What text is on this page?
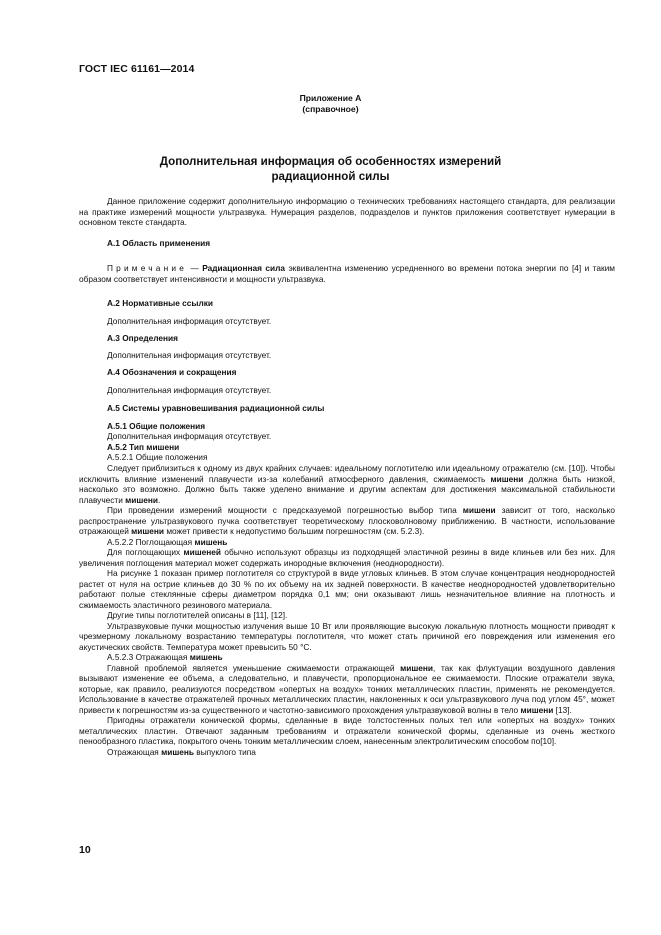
ГОСТ IEC 61161—2014
Приложение А
(справочное)
Дополнительная информация об особенностях измерений
радиационной силы

Данное приложение содержит дополнительную информацию о технических требованиях настоящего стандарта, для реализации на практике измерений мощности ультразвука. Нумерация разделов, подразделов и пунктов приложения соответствует нумерации в основном тексте стандарта.

А.1 Область применения

Примечание — Радиационная сила эквивалентна изменению усредненного во времени потока энергии по [4] и таким образом соответствует интенсивности и мощности ультразвука.

А.2 Нормативные ссылки
Дополнительная информация отсутствует.
А.3 Определения
Дополнительная информация отсутствует.
А.4 Обозначения и сокращения
Дополнительная информация отсутствует.
А.5 Системы уравновешивания радиационной силы
А.5.1 Общие положения
Дополнительная информация отсутствует.
А.5.2 Тип мишени
А.5.2.1 Общие положения

Следует приблизиться к одному из двух крайних случаев: идеальному поглотителю или идеальному отражателю (см. [10]). Чтобы исключить влияние изменений плавучести из-за колебаний атмосферного давления, сжимаемость мишени должна быть низкой, насколько это возможно. Должно быть также уделено внимание и другим аспектам для достижения максимальной стабильности плавучести мишени.

При проведении измерений мощности с предсказуемой погрешностью выбор типа мишени зависит от того, насколько распространение ультразвукового пучка соответствует теоретическому плосковолновому приближению. В частности, использование отражающей мишени может привести к недопустимо большим погрешностям (см. 5.2.3).

А.5.2.2 Поглощающая мишень

Для поглощающих мишеней обычно используют образцы из подходящей эластичной резины в виде клиньев или без них. Для увеличения поглощения материал может содержать инородные включения (неоднородности).

На рисунке 1 показан пример поглотителя со структурой в виде угловых клиньев. В этом случае концентрация неоднородностей растет от нуля на острие клиньев до 30 % по их объему на их задней поверхности. В качестве неоднородностей удовлетворительно работают полые стеклянные сферы диаметром порядка 0,1 мм; они оказывают лишь незначительное влияние на плотность и сжимаемость эластичного резинового материала.

Другие типы поглотителей описаны в [11], [12].

Ультразвуковые пучки мощностью излучения выше 10 Вт или проявляющие высокую локальную плотность мощности приводят к чрезмерному локальному возрастанию температуры поглотителя, что может стать причиной его повреждения или изменения его акустических свойств. Температура может превысить 50 °С.

А.5.2.3 Отражающая мишень

Главной проблемой является уменьшение сжимаемости отражающей мишени, так как флуктуации воздушного давления вызывают изменение ее объема, а следовательно, и плавучести, пропорциональное ее сжимаемости. Плоские отражатели звука, которые, как правило, реализуются посредством «опертых на воздух» тонких металлических пластин, применять не рекомендуется. Использование в качестве отражателей прочных металлических пластин, наклоненных к оси ультразвукового луча под углом 45°, может привести к погрешностям из-за существенного и частотно-зависимого прохождения ультразвуковой волны в тело мишени [13].

Пригодны отражатели конической формы, сделанные в виде толстостенных полых тел или «опертых на воздух» тонких металлических пластин. Отвечают заданным требованиям и отражатели конической формы, сделанные из очень жесткого пенообразного пластика, покрытого очень тонким металлическим слоем, нанесенным электролитическим способом по[10].

Отражающая мишень выпуклого типа

10
